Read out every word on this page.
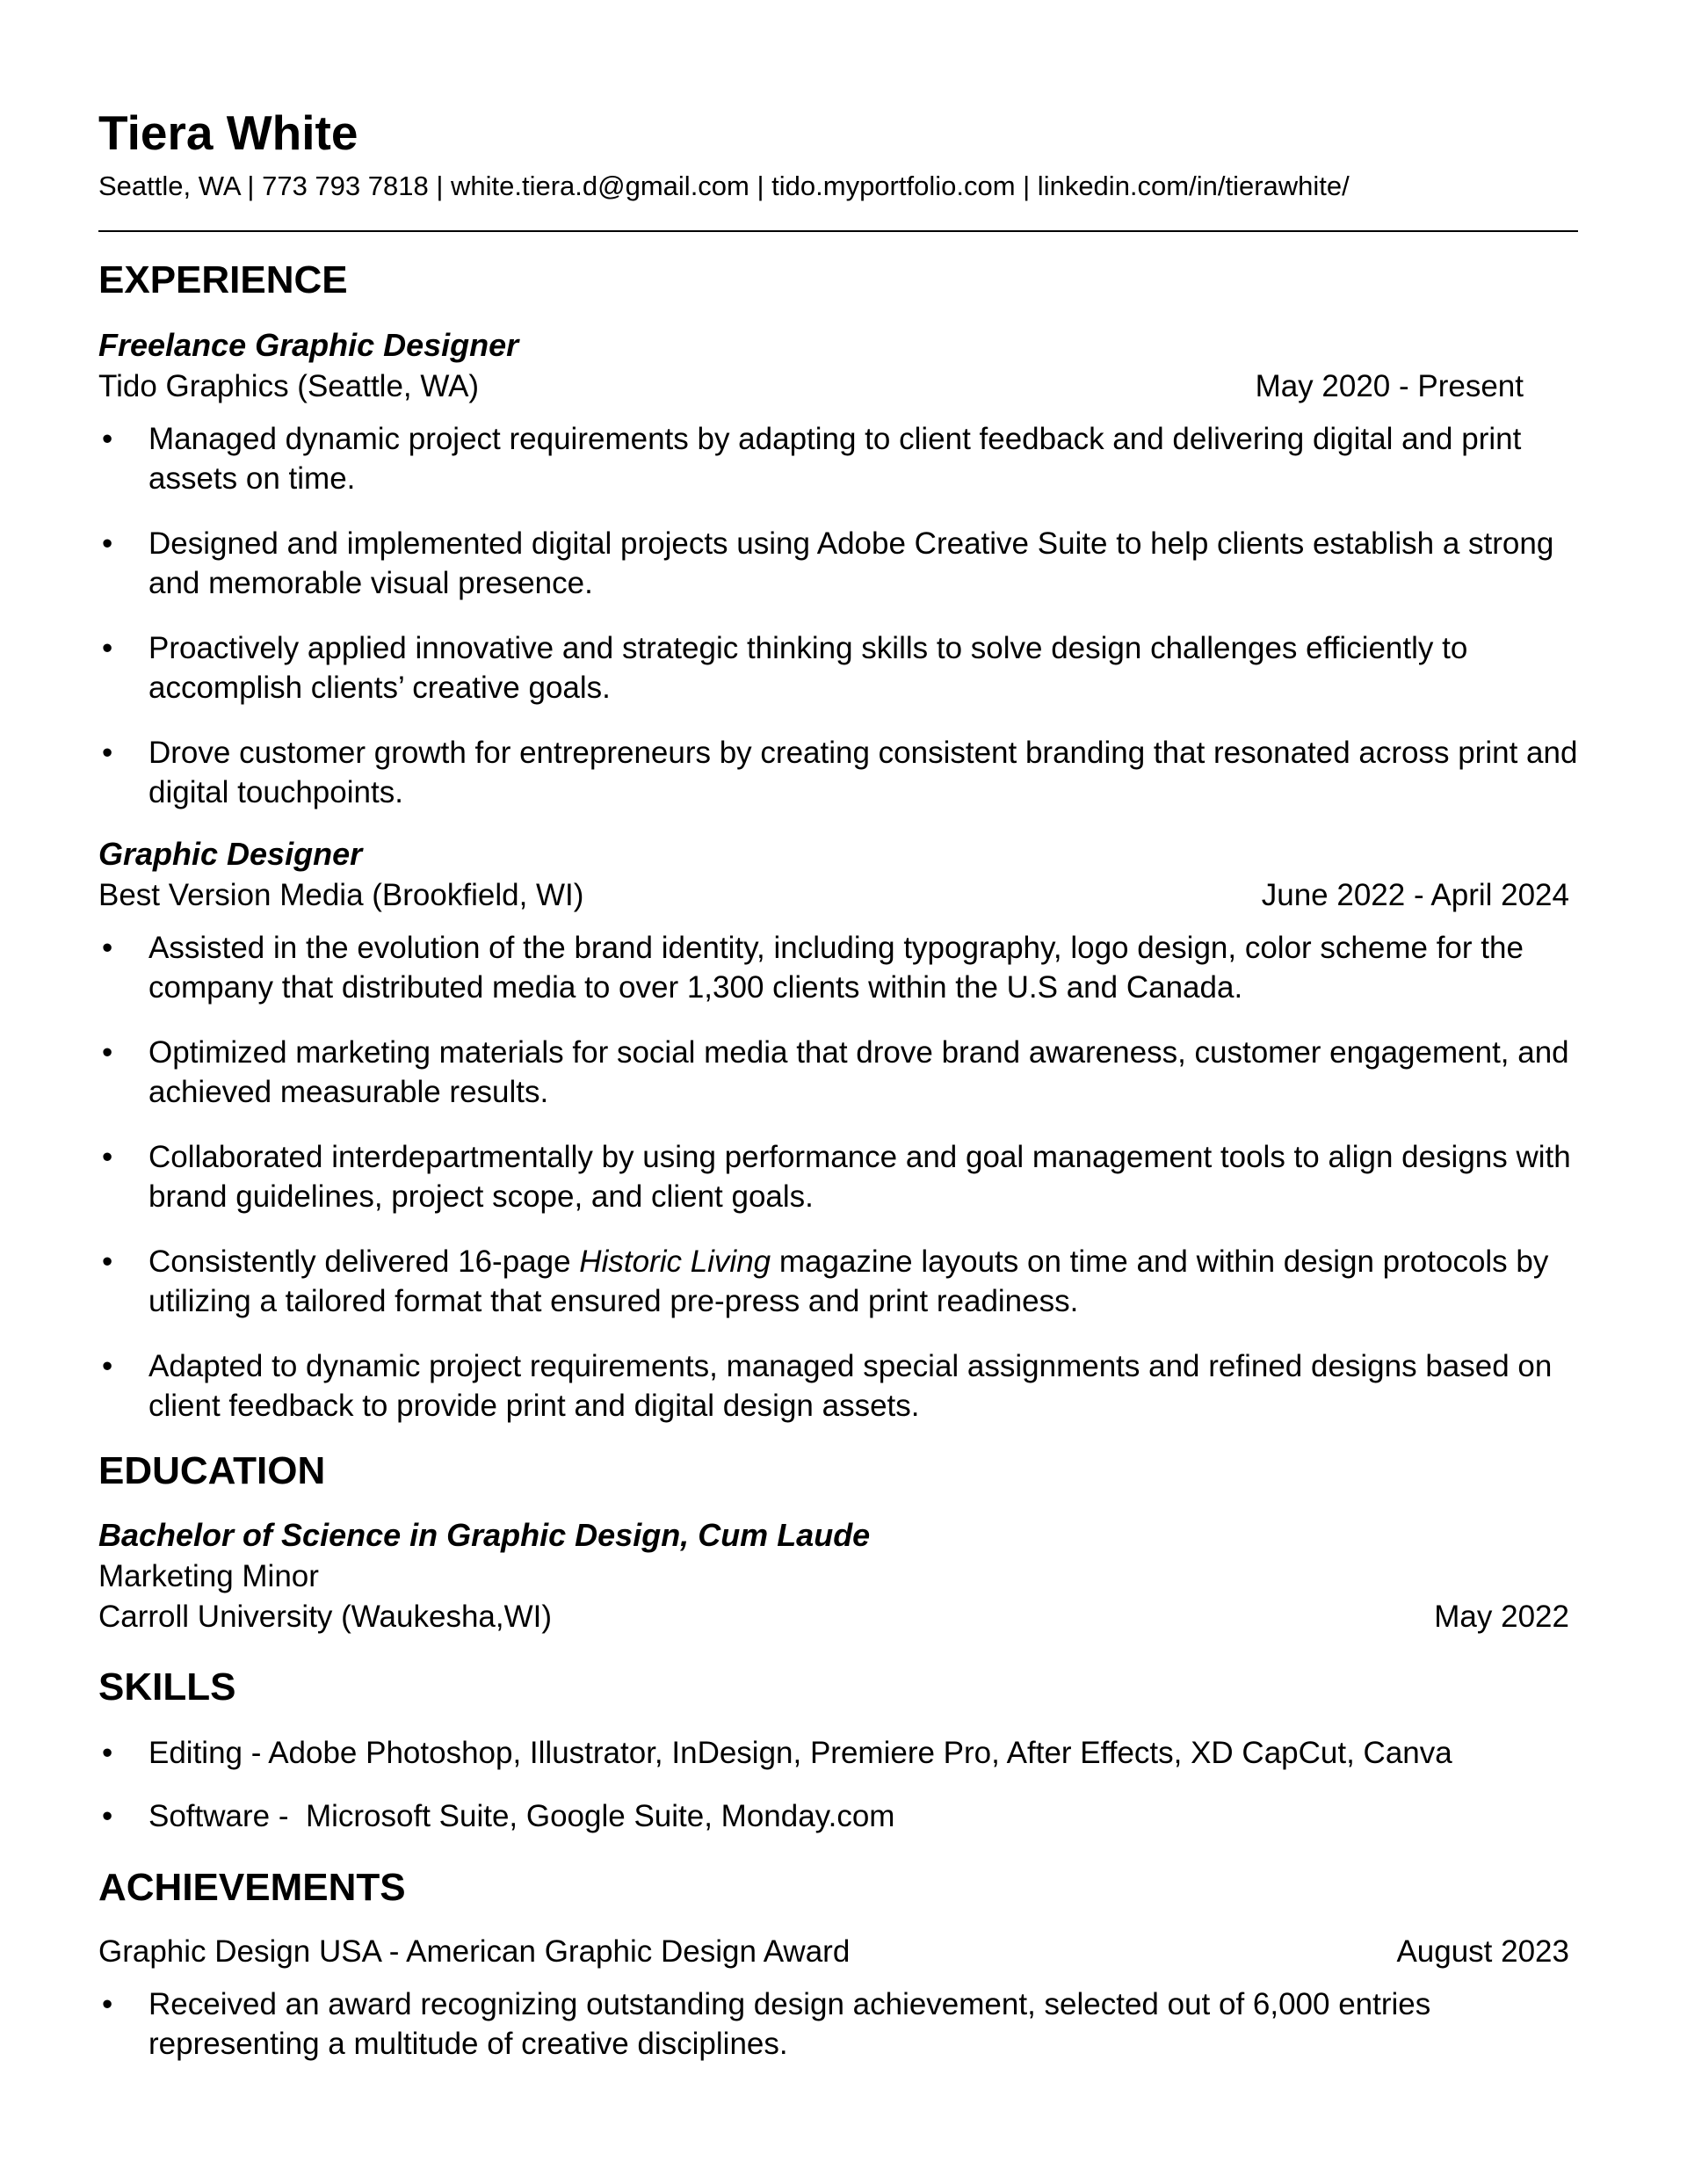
Tiera White
Seattle, WA | 773 793 7818 | white.tiera.d@gmail.com | tido.myportfolio.com | linkedin.com/in/tierawhite/
EXPERIENCE
Freelance Graphic Designer
Tido Graphics (Seattle, WA)	May 2020 - Present
• Managed dynamic project requirements by adapting to client feedback and delivering digital and print assets on time.
• Designed and implemented digital projects using Adobe Creative Suite to help clients establish a strong and memorable visual presence.
• Proactively applied innovative and strategic thinking skills to solve design challenges efficiently to accomplish clients’ creative goals.
• Drove customer growth for entrepreneurs by creating consistent branding that resonated across print and digital touchpoints.
Graphic Designer
Best Version Media (Brookfield, WI)	June 2022 - April 2024
• Assisted in the evolution of the brand identity, including typography, logo design, color scheme for the company that distributed media to over 1,300 clients within the U.S and Canada.
• Optimized marketing materials for social media that drove brand awareness, customer engagement, and achieved measurable results.
• Collaborated interdepartmentally by using performance and goal management tools to align designs with brand guidelines, project scope, and client goals.
• Consistently delivered 16-page Historic Living magazine layouts on time and within design protocols by utilizing a tailored format that ensured pre-press and print readiness.
• Adapted to dynamic project requirements, managed special assignments and refined designs based on client feedback to provide print and digital design assets.
EDUCATION
Bachelor of Science in Graphic Design, Cum Laude
Marketing Minor
Carroll University (Waukesha,WI)	May 2022
SKILLS
• Editing - Adobe Photoshop, Illustrator, InDesign, Premiere Pro, After Effects, XD CapCut, Canva
• Software -  Microsoft Suite, Google Suite, Monday.com
ACHIEVEMENTS
Graphic Design USA - American Graphic Design Award	August 2023
• Received an award recognizing outstanding design achievement, selected out of 6,000 entries representing a multitude of creative disciplines.
